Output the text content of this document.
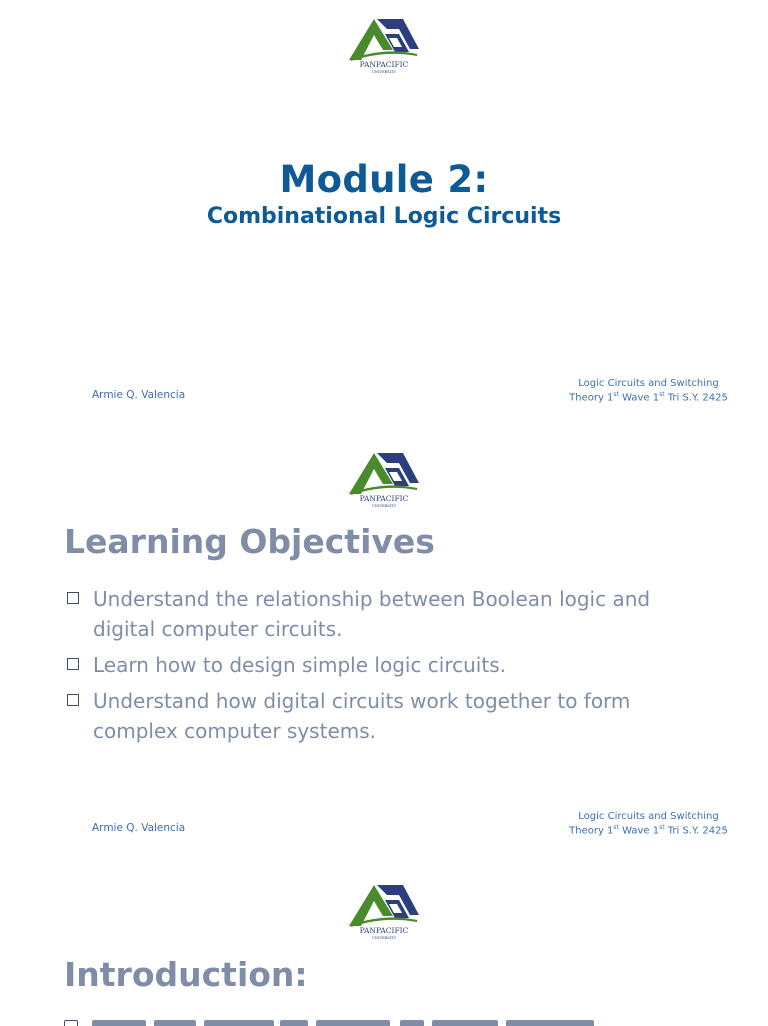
PANPACIFIC
UNIVERSITY
Module 2:
Combinational Logic Circuits
Armie Q. Valencia
Logic Circuits and Switching
Theory 1st Wave 1st Tri S.Y. 2425
PANPACIFIC
UNIVERSITY
Learning Objectives
Understand the relationship between Boolean logic and digital computer circuits.
Learn how to design simple logic circuits.
Understand how digital circuits work together to form complex computer systems.
Armie Q. Valencia
Logic Circuits and Switching
Theory 1st Wave 1st Tri S.Y. 2425
PANPACIFIC
UNIVERSITY
Introduction:
